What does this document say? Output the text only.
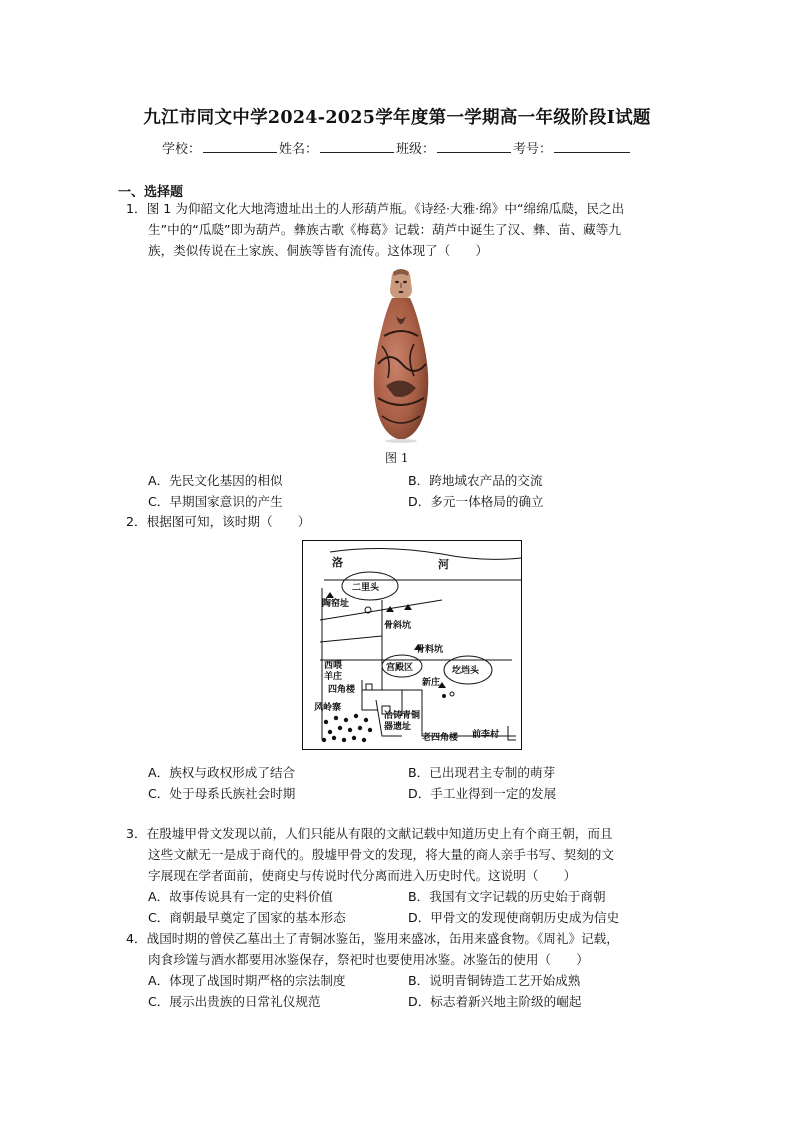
九江市同文中学2024-2025学年度第一学期高一年级阶段Ⅰ试题
学校：	姓名：	班级：	考号：
一、选择题
1．图 1 为仰韶文化大地湾遗址出土的人形葫芦瓶。《诗经·大雅·绵》中“绵绵瓜瓞，民之出
生”中的“瓜瓞”即为葫芦。彝族古歌《梅葛》记载：葫芦中诞生了汉、彝、苗、藏等九
族，类似传说在土家族、侗族等皆有流传。这体现了（　　）
图 1
A．先民文化基因的相似	B．跨地域农产品的交流
C．早期国家意识的产生	D．多元一体格局的确立
2．根据图可知，该时期（　　）
洛	河
二里头
陶窑址
骨斜坑
骨料坑
西喂
羊庄
宫殿区	圪垱头
四角楼
新庄
风岭寨
冶铸青铜
器遗址
老四角楼 前李村
A．族权与政权形成了结合	B．已出现君主专制的萌芽
C．处于母系氏族社会时期	D．手工业得到一定的发展
3．在殷墟甲骨文发现以前，人们只能从有限的文献记载中知道历史上有个商王朝，而且
这些文献无一是成于商代的。殷墟甲骨文的发现，将大量的商人亲手书写、契刻的文
字展现在学者面前，使商史与传说时代分离而进入历史时代。这说明（　　）
A．故事传说具有一定的史料价值	B．我国有文字记载的历史始于商朝
C．商朝最早奠定了国家的基本形态	D．甲骨文的发现使商朝历史成为信史
4．战国时期的曾侯乙墓出土了青铜冰鉴缶，鉴用来盛冰，缶用来盛食物。《周礼》记载，
肉食珍馐与酒水都要用冰鉴保存，祭祀时也要使用冰鉴。冰鉴缶的使用（　　）
A．体现了战国时期严格的宗法制度	B．说明青铜铸造工艺开始成熟
C．展示出贵族的日常礼仪规范	D．标志着新兴地主阶级的崛起
